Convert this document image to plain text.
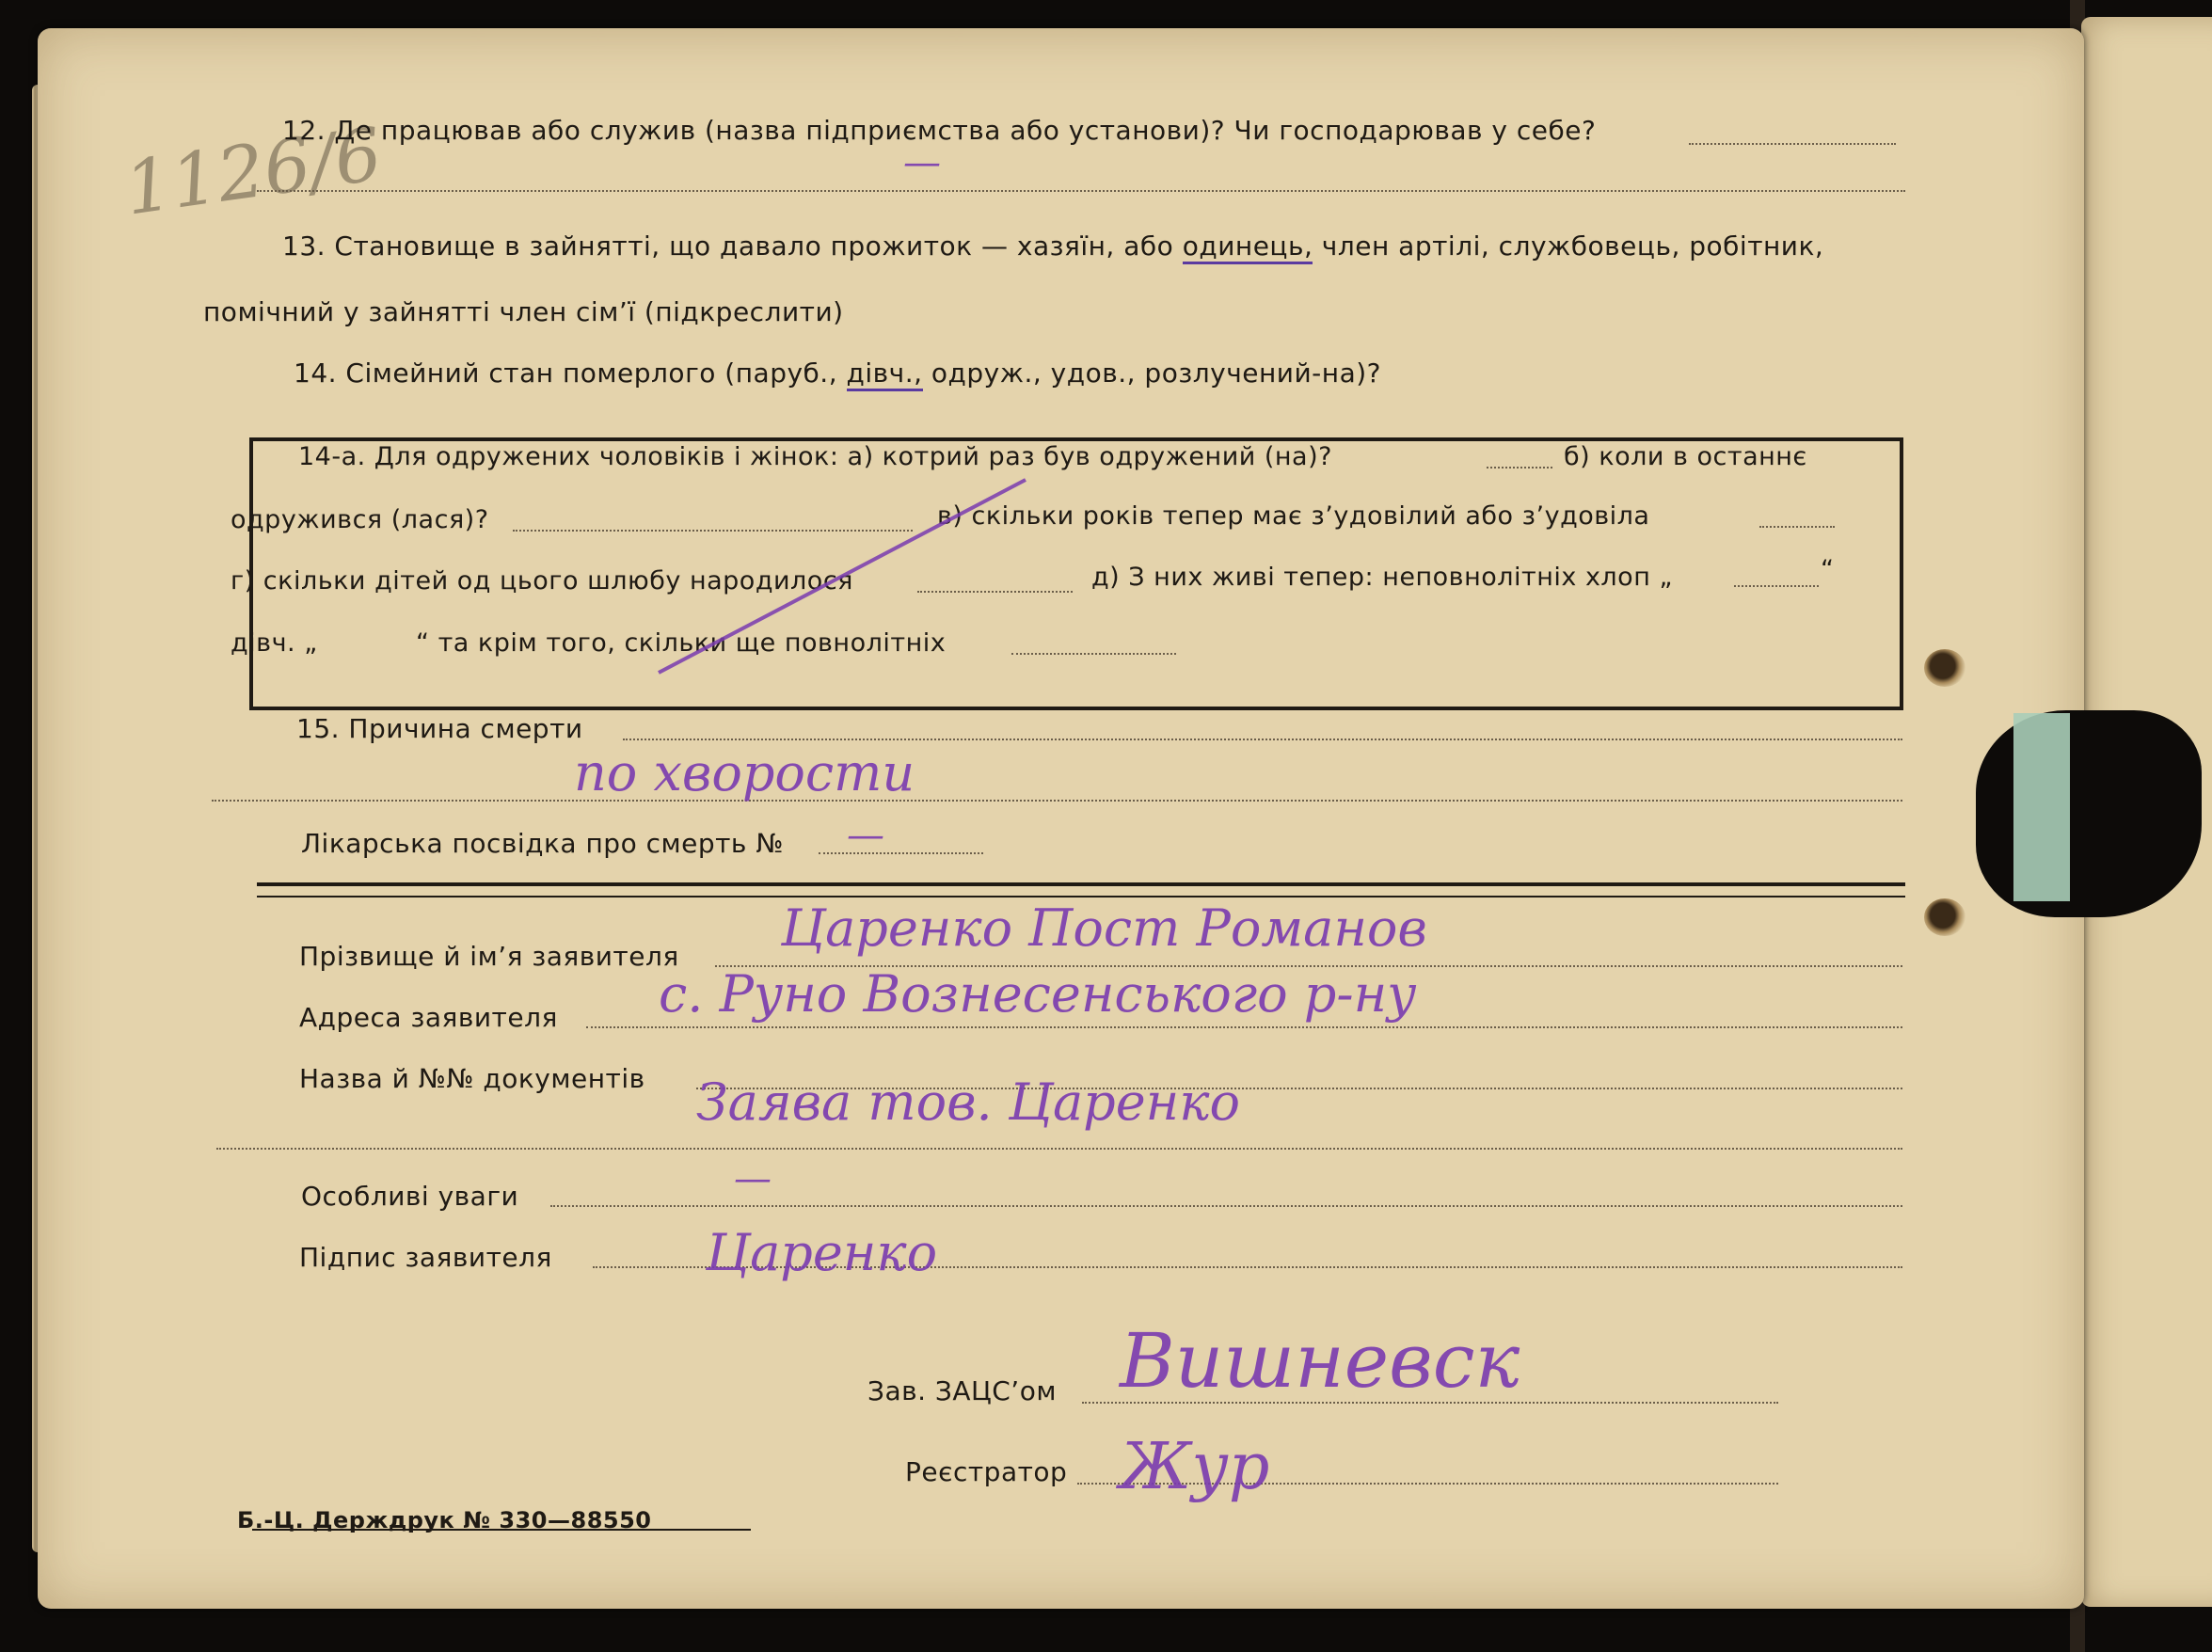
1126/6
12. Де працював або служив (назва підприємства або установи)? Чи господарював у себе?
—
13. Становище в зайнятті, що давало прожиток — хазяїн, або одинець, член артілі, службовець, робітник,
помічний у зайнятті член сім’ї (підкреслити)
14. Сімейний стан померлого (паруб., дівч., одруж., удов., розлучений-на)?
14-а. Для одружених чоловіків і жінок: а) котрий раз був одружений (на)?	б) коли в останнє
одружився (лася)?	в) скільки років тепер має з’удовілий або з’удовіла
г) скільки дітей од цього шлюбу народилося	д) З них живі тепер: неповнолітніх хлоп „	“
дівч. „	“ та крім того, скільки ще повнолітніх
15. Причина смерти
по хворости
Лікарська посвідка про смерть № —
Прізвище й ім’я заявителя Царенко Пост Романов
Адреса заявителя с. Руно Вознесенського р-ну
Назва й №№ документів Заява тов. Царенко
Особливі уваги	—
Підпис заявителя	Царенко
Зав. ЗАЦС’ом Вишневск
Реєстратор Жур
Б.-Ц. Держдрук № 330—88550
